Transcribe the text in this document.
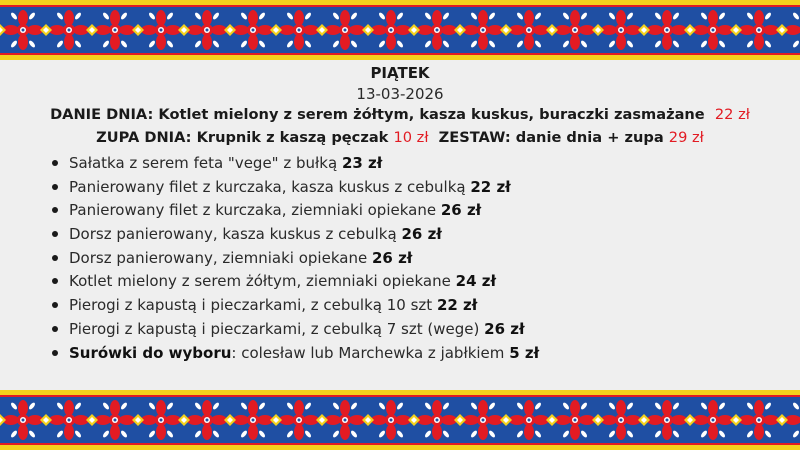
PIĄTEK
13-03-2026
DANIE DNIA: Kotlet mielony z serem żółtym, kasza kuskus, buraczki zasmażane 22 zł
ZUPA DNIA: Krupnik z kaszą pęczak 10 zł ZESTAW: danie dnia + zupa 29 zł
Sałatka z serem feta "vege" z bułką 23 zł
Panierowany filet z kurczaka, kasza kuskus z cebulką 22 zł
Panierowany filet z kurczaka, ziemniaki opiekane 26 zł
Dorsz panierowany, kasza kuskus z cebulką 26 zł
Dorsz panierowany, ziemniaki opiekane 26 zł
Kotlet mielony z serem żółtym, ziemniaki opiekane 24 zł
Pierogi z kapustą i pieczarkami, z cebulką 10 szt 22 zł
Pierogi z kapustą i pieczarkami, z cebulką 7 szt (wege) 26 zł
Surówki do wyboru: colesław lub Marchewka z jabłkiem 5 zł
